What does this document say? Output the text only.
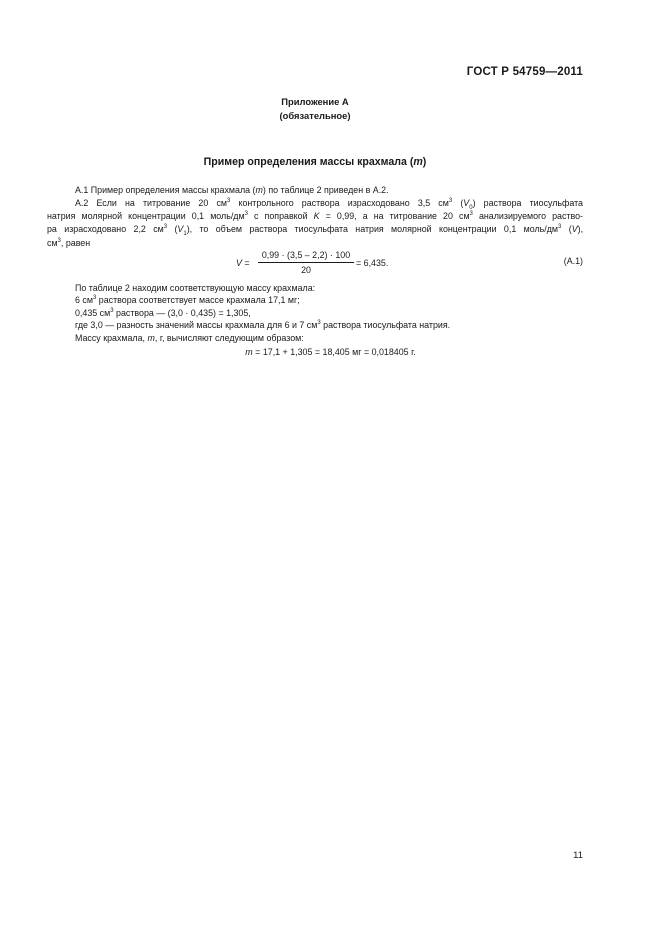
ГОСТ Р 54759—2011
Приложение А
(обязательное)
Пример определения массы крахмала (m)
А.1 Пример определения массы крахмала (m) по таблице 2 приведен в А.2.
А.2 Если на титрование 20 $см^3$ контрольного раствора израсходовано 3,5 $см^3$ $(V_0)$ раствора тиосульфата
натрия молярной концентрации 0,1 моль/$дм^3$ с поправкой K = 0,99, а на титрование 20 $см^3$ анализируемого раство-
ра израсходовано 2,2 $см^3$ $(V_1)$, то объем раствора тиосульфата натрия молярной концентрации 0,1 моль/$дм^3$ (V),
$см^3$, равен
$V = \frac{0,99 \cdot (3,5 - 2,2) \cdot 100}{20} = 6,435$.	(А.1)
По таблице 2 находим соответствующую массу крахмала:
6 $см^3$ раствора соответствует массе крахмала 17,1 мг;
0,435 $см^3$ раствора — (3,0 · 0,435) = 1,305,
где 3,0 — разность значений массы крахмала для 6 и 7 $см^3$ раствора тиосульфата натрия.
Массу крахмала, m, г, вычисляют следующим образом:
m = 17,1 + 1,305 = 18,405 мг = 0,018405 г.
11
